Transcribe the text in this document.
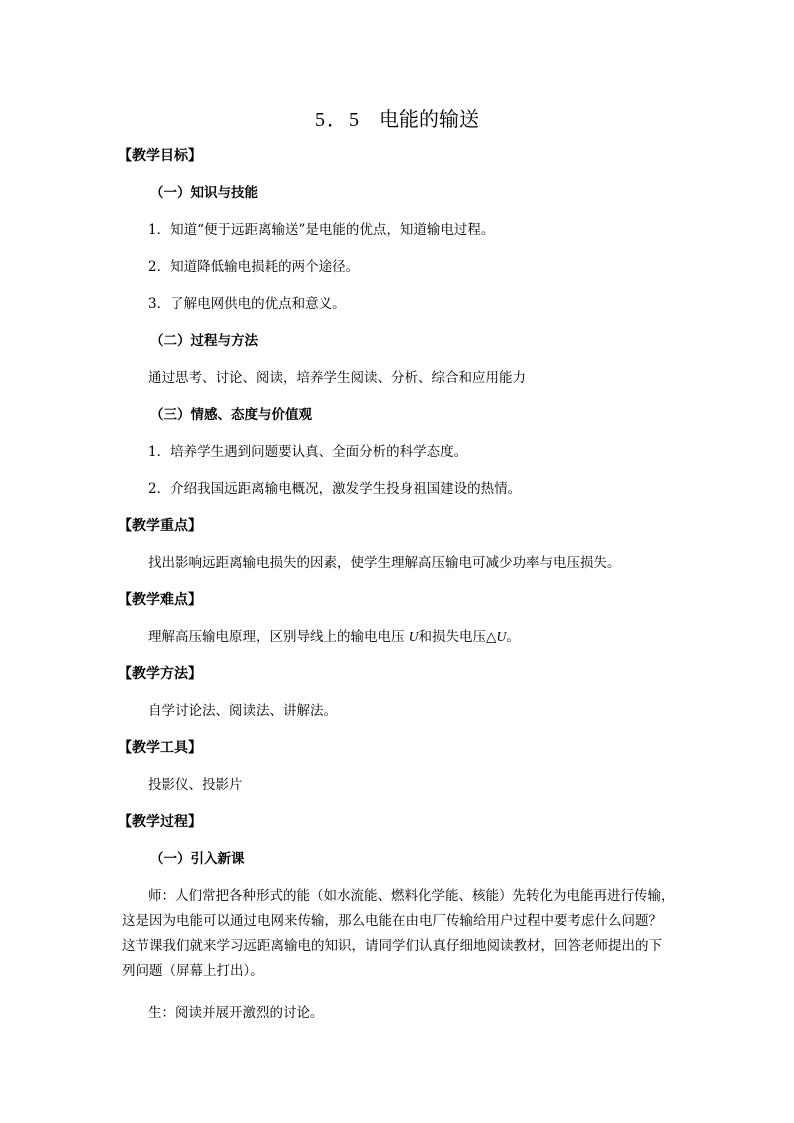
5．5 电能的输送
【教学目标】
（一）知识与技能
1．知道“便于远距离输送”是电能的优点，知道输电过程。
2．知道降低输电损耗的两个途径。
3．了解电网供电的优点和意义。
（二）过程与方法
通过思考、讨论、阅读，培养学生阅读、分析、综合和应用能力
（三）情感、态度与价值观
1．培养学生遇到问题要认真、全面分析的科学态度。
2．介绍我国远距离输电概况，激发学生投身祖国建设的热情。
【教学重点】
找出影响远距离输电损失的因素，使学生理解高压输电可减少功率与电压损失。
【教学难点】
理解高压输电原理，区别导线上的输电电压 U和损失电压△U。
【教学方法】
自学讨论法、阅读法、讲解法。
【教学工具】
投影仪、投影片
【教学过程】
（一）引入新课
师：人们常把各种形式的能（如水流能、燃料化学能、核能）先转化为电能再进行传输，
这是因为电能可以通过电网来传输，那么电能在由电厂传输给用户过程中要考虑什么问题？
这节课我们就来学习远距离输电的知识，请同学们认真仔细地阅读教材，回答老师提出的下
列问题（屏幕上打出）。
生：阅读并展开激烈的讨论。
